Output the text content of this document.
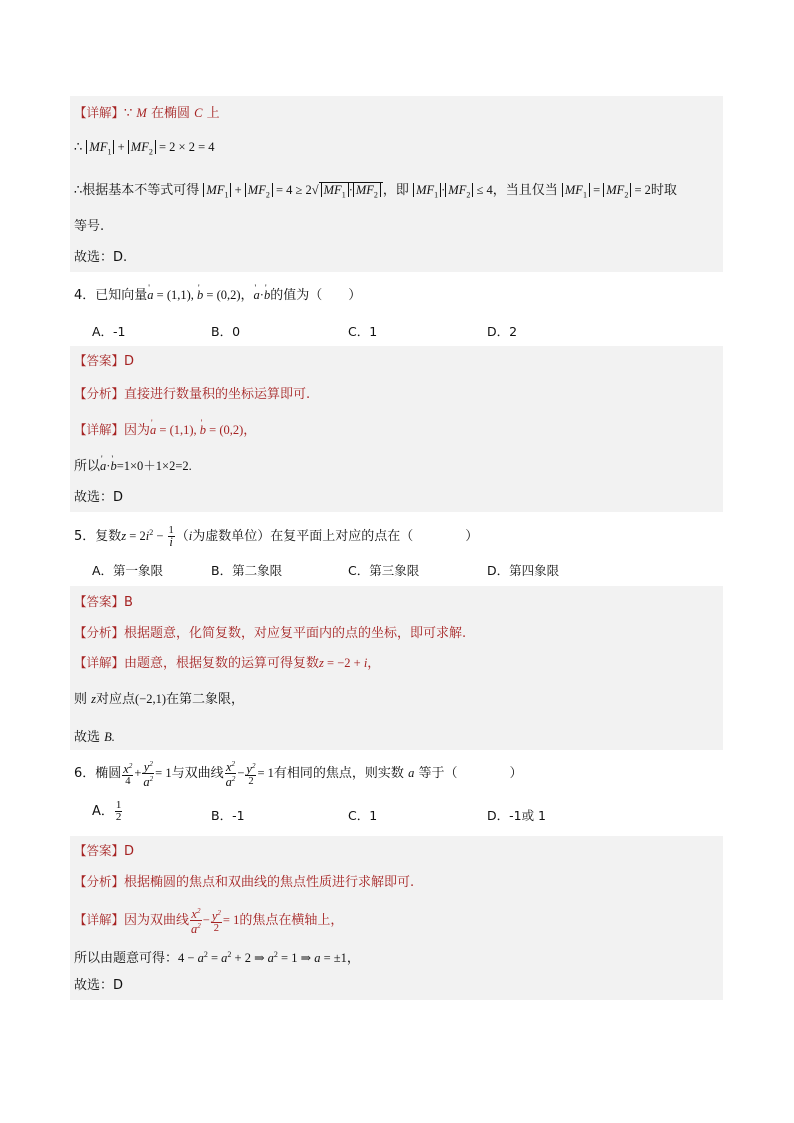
【详解】∵ M 在椭圆 C 上
∴ $MF_1 + MF_2 = 2 \times 2 = 4$
∴根据基本不等式可得 $MF_1 + MF_2 = 4 \ge 2√$ $MF_1 \cdot MF_2$ ，即 $MF_1 \cdot MF_2 \le 4$，当且仅当 $MF_1 = MF_2 = 2$时取
等号.
故选：D.
4．已知向量' a = (1,1), ' b = (0,2)，' a·' b的值为（　　）
A．-1	B．0	C．1	D．2
【答案】D
【分析】直接进行数量积的坐标运算即可.
【详解】因为' a = (1,1), ' b = (0,2)，
所以' a·' b=1×0＋1×2=2.
故选：D
5．复数$z = 2i^2 - \frac{1}{i} (i$为虚数单位）在复平面上对应的点在（　　　　）
A．第一象限	B．第二象限	C．第三象限	D．第四象限
【答案】B
【分析】根据题意，化简复数，对应复平面内的点的坐标，即可求解.
【详解】由题意，根据复数的运算可得复数z = −2 + i，
则 z对应点(−2,1)在第二象限，
故选 B.
6．椭圆 $\frac{x^2}{4} + \frac{y^2}{a^2} = 1$与双曲线 $\frac{x^2}{a^2} - \frac{y^2}{2} = 1$有相同的焦点，则实数 a 等于（　　　　）
A． $\frac{1}{2}$	B．-1	C．1	D．-1或 1
【答案】D
【分析】根据椭圆的焦点和双曲线的焦点性质进行求解即可.
【详解】因为双曲线 $\frac{x^2}{a^2} - \frac{y^2}{2} = 1$的焦点在横轴上，
所以由题意可得：$4 - a^2 = a^2 + 2$ ⇒ $a^2 = 1$ ⇒ a = ±1，
故选：D
